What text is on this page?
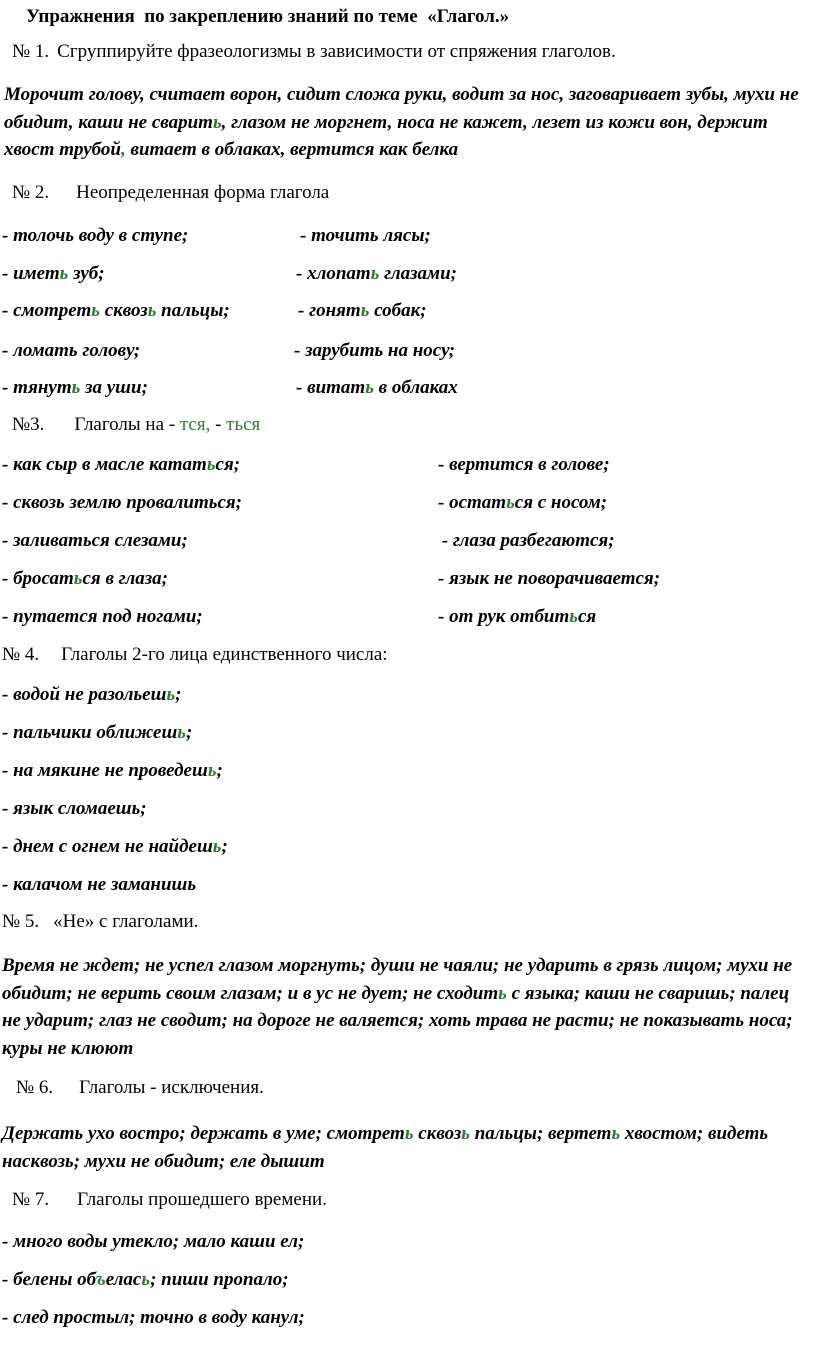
Упражнения  по закреплению знаний по теме  «Глагол.»
№ 1. Сгруппируйте фразеологизмы в зависимости от спряжения глаголов.
Морочит голову, считает ворон, сидит сложа руки, водит за нос, заговаривает зубы, мухи не обидит, каши не сварить, глазом не моргнет, носа не кажет, лезет из кожи вон, держит хвост трубой, витает в облаках, вертится как белка
№ 2. Неопределенная форма глагола
- толочь воду в ступе;	- точить лясы;
- иметь зуб;	- хлопать глазами;
- смотреть сквозь пальцы;	- гонять собак;
- ломать голову;	- зарубить на носу;
- тянуть за уши;	- витать в облаках
№3. Глаголы на - тся, - ться
- как сыр в масле кататься;	- вертится в голове;
- сквозь землю провалиться;	- остаться с носом;
- заливаться слезами;	- глаза разбегаются;
- бросаться в глаза;	- язык не поворачивается;
- путается под ногами;	- от рук отбиться
№ 4. Глаголы 2-го лица единственного числа:
- водой не разольешь;
- пальчики оближешь;
- на мякине не проведешь;
- язык сломаешь;
- днем с огнем не найдешь;
- калачом не заманишь
№ 5. «Не» с глаголами.
Время не ждет; не успел глазом моргнуть; души не чаяли; не ударить в грязь лицом; мухи не обидит; не верить своим глазам; и в ус не дует; не сходить с языка; каши не сваришь; палец не ударит; глаз не сводит; на дороге не валяется; хоть трава не расти; не показывать носа; куры не клюют
№ 6. Глаголы - исключения.
Держать ухо востро; держать в уме; смотреть сквозь пальцы; вертеть хвостом; видеть насквозь; мухи не обидит; еле дышит
№ 7. Глаголы прошедшего времени.
- много воды утекло; мало каши ел;
- белены объелась; пиши пропало;
- след простыл; точно в воду канул;
